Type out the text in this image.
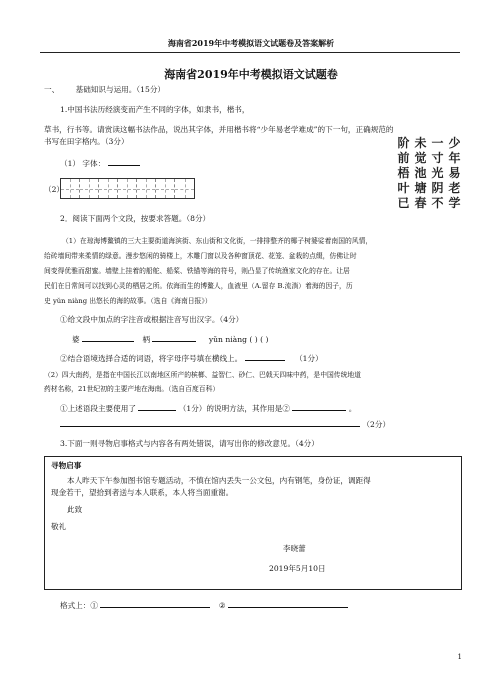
海南省2019年中考模拟语文试题卷及答案解析
海南省2019年中考模拟语文试题卷
一、 基础知识与运用。（15分）
1.中国书法历经演变而产生不同的字体，如隶书，楷书，
草书，行书等。请赏读这幅书法作品，说出其字体，并用楷书将“少年易老学难成”的下一句，正确规范的
书写在田字格内。（3分）
（1） 字体：
（2）
少
年
易
老
学
一
寸
光
阴
不
未
觉
池
塘
春
阶
前
梧
叶
已
2．阅读下面两个文段，按要求答题。（8分）
（1）在琼海博鳌镇的三大主要街道海滨街、东山街和文化街，一排排整齐的椰子树婆娑着南国的风情，
给砖墙间带来柔情的绿意。漫步悠闲的骑楼上，木雕门窗以及各种窗顶花、花笼、盆栽的点缀，仿佛让时
间变得优雅而甜蜜。墙壁上挂着的船舵、船桨、铁锚等海的符号，则凸显了传统渔家文化的存在。让居
民们在日常间可以找到心灵的栖居之所。依海而生的博鳌人，血液里（A.留存 B.流淌）着海的因子，历
史 yǔn niàng 出悠长的海的故事。（选自《海南日报》）
①给文段中加点的字注音或根据注音写出汉字。（4分）
婆	柄	yǔn niàng ( ) ( )
②结合语境选择合适的词语，将字母序号填在横线上。	（1分）
（2）四大南药，是指在中国长江以南地区所产的槟榔、益智仁、砂仁、巴戟天四味中药，是中国传统地道
药材名称，21世纪初的主要产地在海南。（选自百度百科）
①上述语段主要使用了	（1分）的说明方法，其作用是②	。
（2分）
3.下面一则寻物启事格式与内容各有两处错误，请写出你的修改意见。（4分）
寻物启事
本人昨天下午参加图书馆专题活动，不慎在馆内丢失一公文包，内有钢笔，身份证，调距得
现金若干，望拾到者送与本人联系，本人将当面重谢。
此致
敬礼
李晓蕾
2019年5月10日
格式上：①	②
1
